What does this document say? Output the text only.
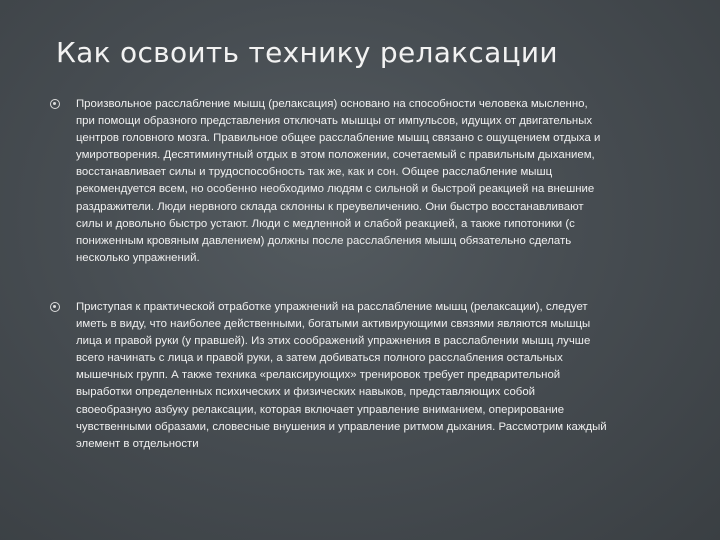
Как освоить технику релаксации

Произвольное расслабление мышц (релаксация) основано на способности человека мысленно, при помощи образного представления отключать мышцы от импульсов, идущих от двигательных центров головного мозга. Правильное общее расслабление мышц связано с ощущением отдыха и умиротворения. Десятиминутный отдых в этом положении, сочетаемый с правильным дыханием, восстанавливает силы и трудоспособность так же, как и сон. Общее расслабление мышц рекомендуется всем, но особенно необходимо людям с сильной и быстрой реакцией на внешние раздражители. Люди нервного склада склонны к преувеличению. Они быстро восстанавливают силы и довольно быстро устают. Люди с медленной и слабой реакцией, а также гипотоники (с пониженным кровяным давлением) должны после расслабления мышц обязательно сделать несколько упражнений.

Приступая к практической отработке упражнений на расслабление мышц (релаксации), следует иметь в виду, что наиболее действенными, богатыми активирующими связями являются мышцы лица и правой руки (у правшей). Из этих соображений упражнения в расслаблении мышц лучше всего начинать с лица и правой руки, а затем добиваться полного расслабления остальных мышечных групп. А также техника «релаксирующих» тренировок требует предварительной выработки определенных психических и физических навыков, представляющих собой своеобразную азбуку релаксации, которая включает управление вниманием, оперирование чувственными образами, словесные внушения и управление ритмом дыхания. Рассмотрим каждый элемент в отдельности
